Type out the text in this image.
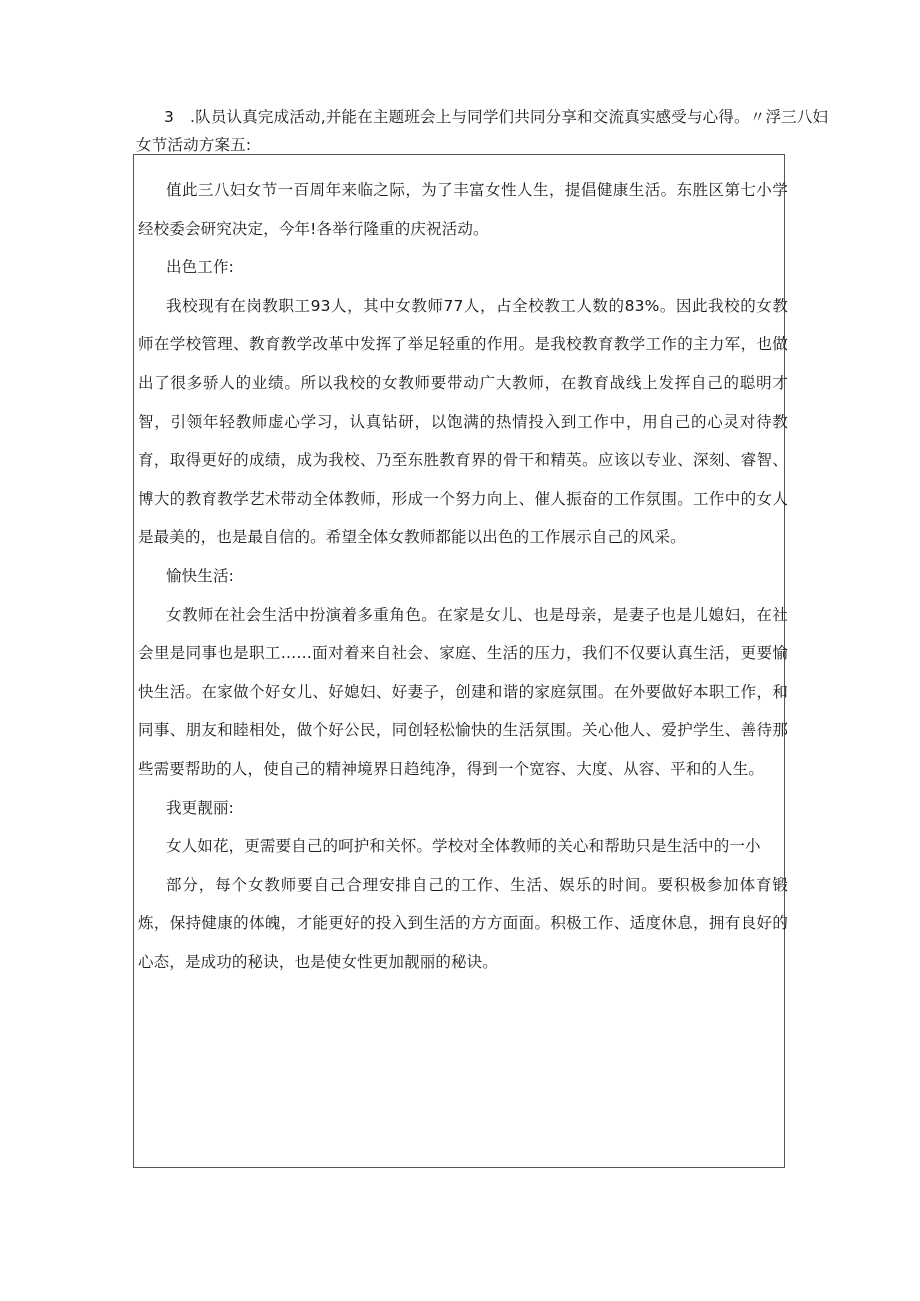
3 .队员认真完成活动,并能在主题班会上与同学们共同分享和交流真实感受与心得。〃浮三八妇
女节活动方案五:

值此三八妇女节一百周年来临之际，为了丰富女性人生，提倡健康生活。东胜区第七小学经校委会研究决定，今年!各举行隆重的庆祝活动。

出色工作:

我校现有在岗教职工93人，其中女教师77人，占全校教工人数的83%。因此我校的女教师在学校管理、教育教学改革中发挥了举足轻重的作用。是我校教育教学工作的主力军，也做出了很多骄人的业绩。所以我校的女教师要带动广大教师，在教育战线上发挥自己的聪明才智，引领年轻教师虚心学习，认真钻研，以饱满的热情投入到工作中，用自己的心灵对待教育，取得更好的成绩，成为我校、乃至东胜教育界的骨干和精英。应该以专业、深刻、睿智、博大的教育教学艺术带动全体教师，形成一个努力向上、催人振奋的工作氛围。工作中的女人是最美的，也是最自信的。希望全体女教师都能以出色的工作展示自己的风采。

愉快生活:

女教师在社会生活中扮演着多重角色。在家是女儿、也是母亲，是妻子也是儿媳妇，在社会里是同事也是职工……面对着来自社会、家庭、生活的压力，我们不仅要认真生活，更要愉快生活。在家做个好女儿、好媳妇、好妻子，创建和谐的家庭氛围。在外要做好本职工作，和同事、朋友和睦相处，做个好公民，同创轻松愉快的生活氛围。关心他人、爱护学生、善待那些需要帮助的人，使自己的精神境界日趋纯净，得到一个宽容、大度、从容、平和的人生。

我更靓丽:

女人如花，更需要自己的呵护和关怀。学校对全体教师的关心和帮助只是生活中的一小

部分，每个女教师要自己合理安排自己的工作、生活、娱乐的时间。要积极参加体育锻炼，保持健康的体魄，才能更好的投入到生活的方方面面。积极工作、适度休息，拥有良好的心态，是成功的秘诀，也是使女性更加靓丽的秘诀。
